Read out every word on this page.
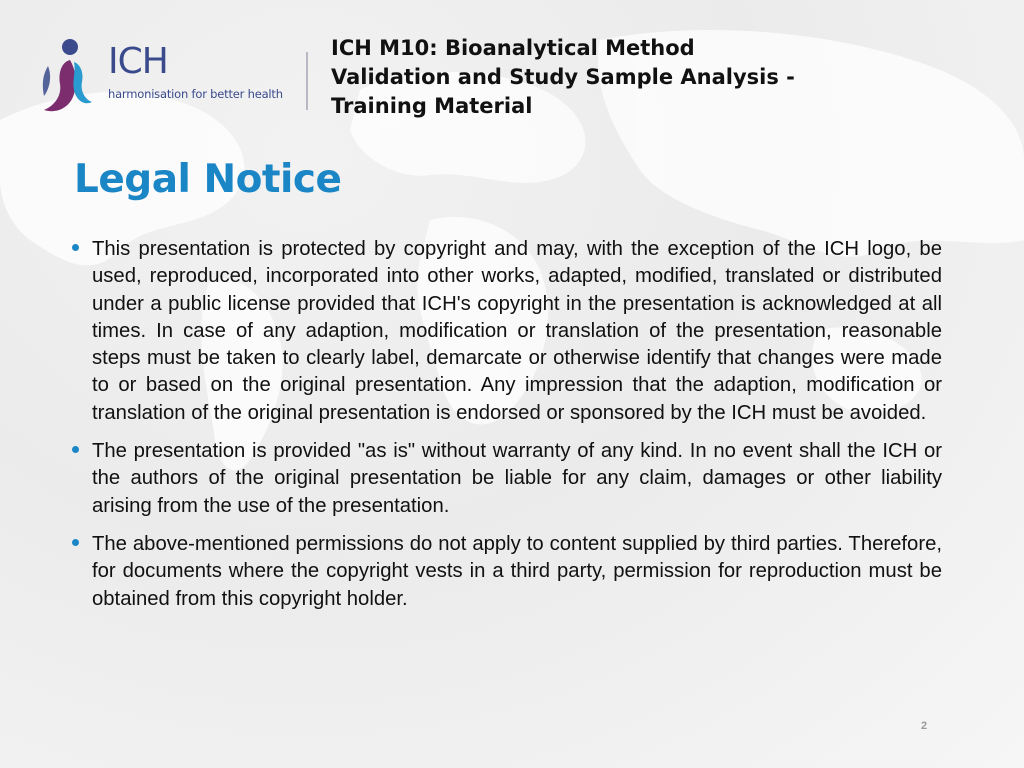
ICH
harmonisation for better health
ICH M10: Bioanalytical Method Validation and Study Sample Analysis - Training Material
Legal Notice
This presentation is protected by copyright and may, with the exception of the ICH logo, be used, reproduced, incorporated into other works, adapted, modified, translated or distributed under a public license provided that ICH's copyright in the presentation is acknowledged at all times. In case of any adaption, modification or translation of the presentation, reasonable steps must be taken to clearly label, demarcate or otherwise identify that changes were made to or based on the original presentation. Any impression that the adaption, modification or translation of the original presentation is endorsed or sponsored by the ICH must be avoided.
The presentation is provided "as is" without warranty of any kind. In no event shall the ICH or the authors of the original presentation be liable for any claim, damages or other liability arising from the use of the presentation.
The above-mentioned permissions do not apply to content supplied by third parties. Therefore, for documents where the copyright vests in a third party, permission for reproduction must be obtained from this copyright holder.
2
